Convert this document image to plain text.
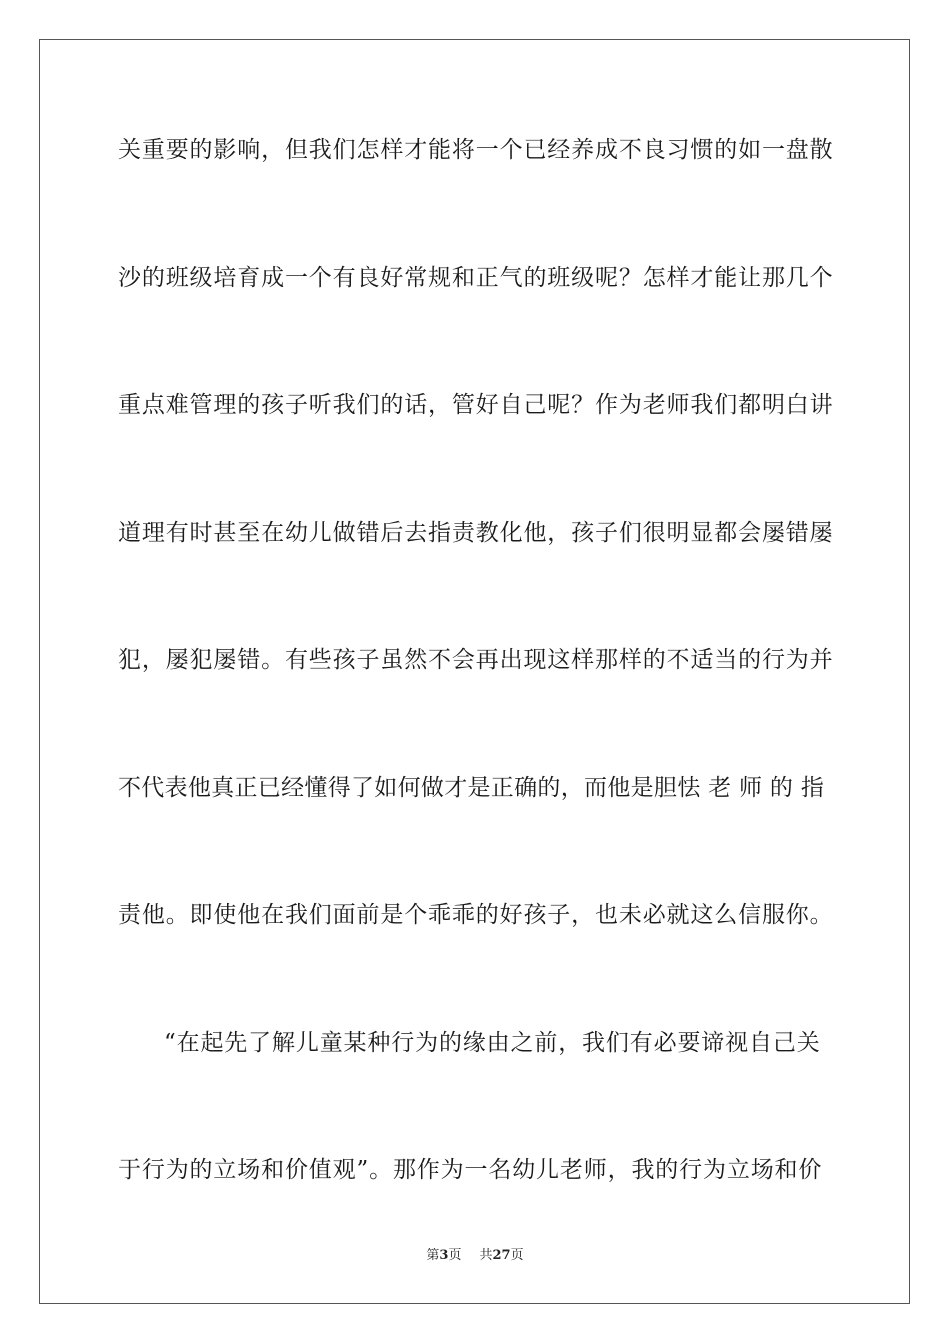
关重要的影响，但我们怎样才能将一个已经养成不良习惯的如一盘散
沙的班级培育成一个有良好常规和正气的班级呢？怎样才能让那几个
重点难管理的孩子听我们的话，管好自己呢？作为老师我们都明白讲
道理有时甚至在幼儿做错后去指责教化他，孩子们很明显都会屡错屡
犯，屡犯屡错。有些孩子虽然不会再出现这样那样的不适当的行为并
不代表他真正已经懂得了如何做才是正确的，而他是胆怯 老 师 的 指
责他。即使他在我们面前是个乖乖的好孩子，也未必就这么信服你。
“在起先了解儿童某种行为的缘由之前，我们有必要谛视自己关
于行为的立场和价值观”。那作为一名幼儿老师，我的行为立场和价
第3页 共27页
